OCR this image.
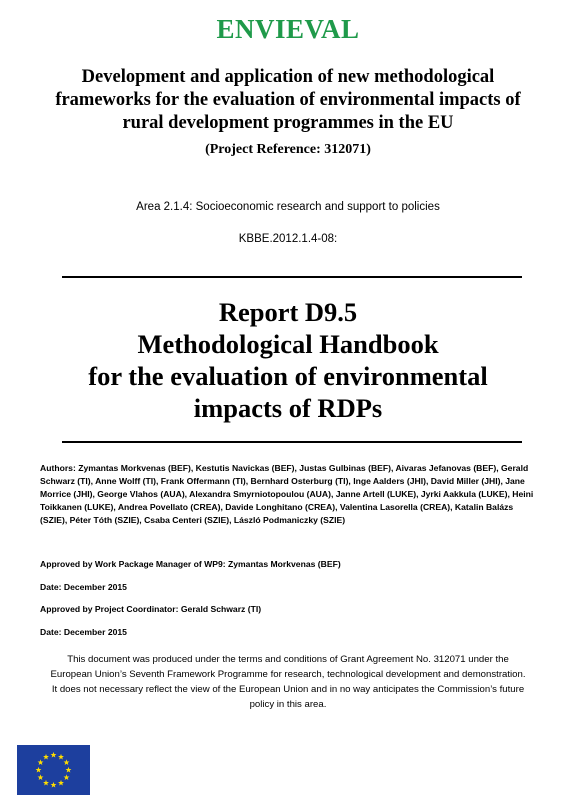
ENVIEVAL
Development and application of new methodological frameworks for the evaluation of environmental impacts of rural development programmes in the EU
(Project Reference: 312071)
Area 2.1.4: Socioeconomic research and support to policies
KBBE.2012.1.4-08:
Report D9.5
Methodological Handbook
for the evaluation of environmental
impacts of RDPs
Authors: Zymantas Morkvenas (BEF), Kestutis Navickas (BEF), Justas Gulbinas (BEF), Aivaras Jefanovas (BEF), Gerald Schwarz (TI), Anne Wolff (TI), Frank Offermann (TI), Bernhard Osterburg (TI), Inge Aalders (JHI), David Miller (JHI), Jane Morrice (JHI), George Vlahos (AUA), Alexandra Smyrniotopoulou (AUA), Janne Artell (LUKE), Jyrki Aakkula (LUKE), Heini Toikkanen (LUKE), Andrea Povellato (CREA), Davide Longhitano (CREA), Valentina Lasorella (CREA), Katalin Balázs (SZIE), Péter Tóth (SZIE), Csaba Centeri (SZIE), László Podmaniczky (SZIE)
Approved by Work Package Manager of WP9: Zymantas Morkvenas (BEF)
Date: December 2015
Approved by Project Coordinator: Gerald Schwarz (TI)
Date: December 2015
This document was produced under the terms and conditions of Grant Agreement No. 312071 under the European Union’s Seventh Framework Programme for research, technological development and demonstration. It does not necessary reflect the view of the European Union and in no way anticipates the Commission’s future policy in this area.
